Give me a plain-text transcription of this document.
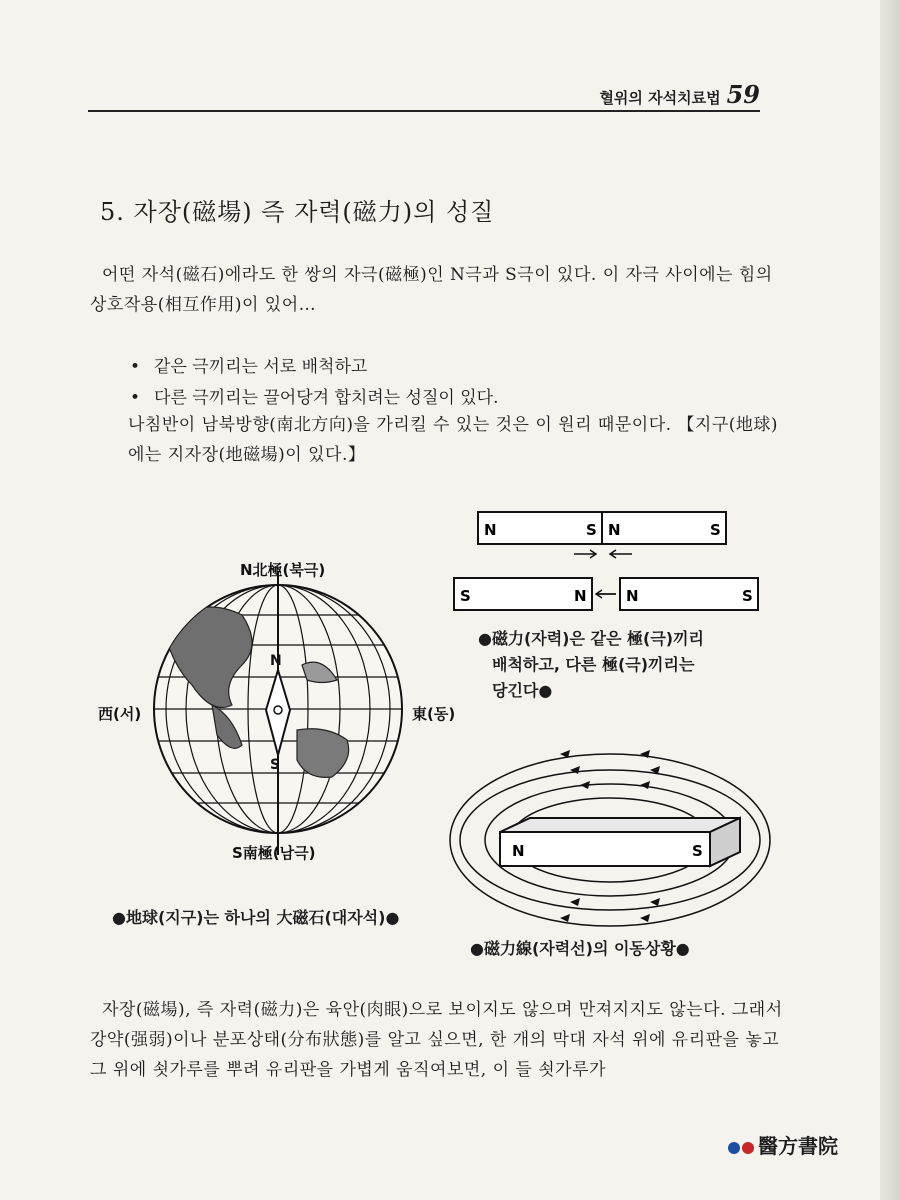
혈위의 자석치료법 59
5. 자장(磁場) 즉 자력(磁力)의 성질
어떤 자석(磁石)에라도 한 쌍의 자극(磁極)인 N극과 S극이 있다. 이 자극 사이에는 힘의 상호작용(相互作用)이 있어…
• 같은 극끼리는 서로 배척하고
• 다른 극끼리는 끌어당겨 합치려는 성질이 있다.
나침반이 남북방향(南北方向)을 가리킬 수 있는 것은 이 원리 때문이다. 【지구(地球)에는 지자장(地磁場)이 있다.】
N
S
N北極(북극)
S南極(남극)
西(서)	東(동)
●地球(지구)는 하나의 大磁石(대자석)●
N	S N	S
S	N	N	S
●磁力(자력)은 같은 極(극)끼리
배척하고, 다른 極(극)끼리는
당긴다●
N	S
●磁力線(자력선)의 이동상황●
자장(磁場), 즉 자력(磁力)은 육안(肉眼)으로 보이지도 않으며 만져지지도 않는다. 그래서 강약(强弱)이나 분포상태(分布狀態)를 알고 싶으면, 한 개의 막대 자석 위에 유리판을 놓고 그 위에 쇳가루를 뿌려 유리판을 가볍게 움직여보면, 이 들 쇳가루가
醫方書院
